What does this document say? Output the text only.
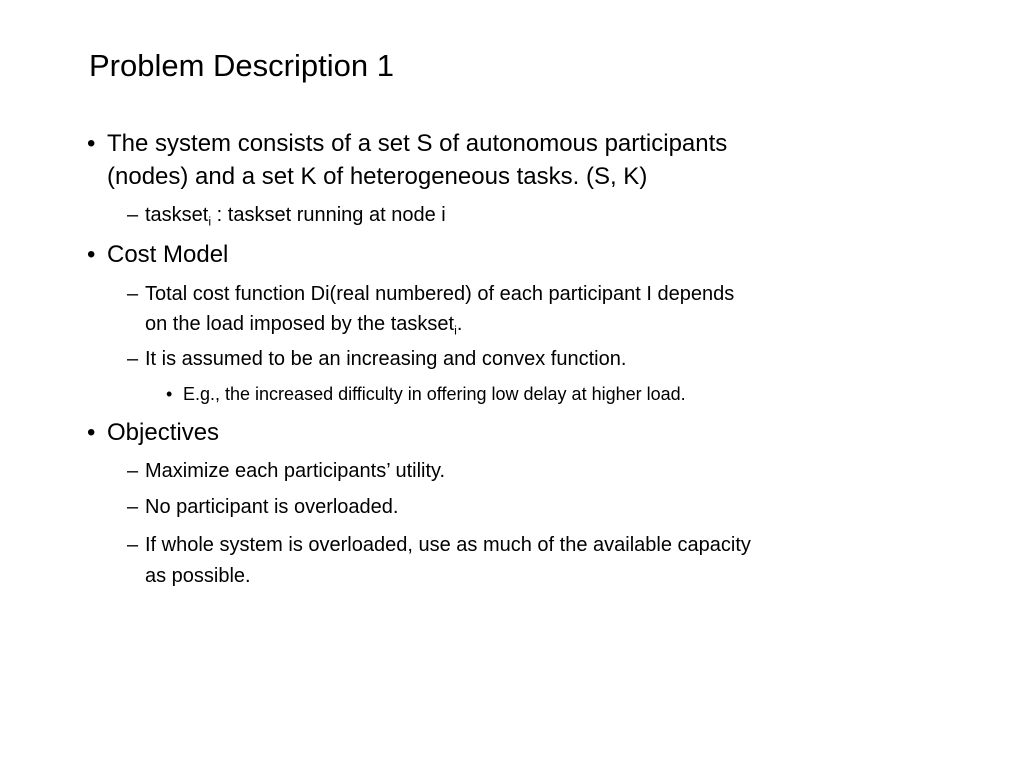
Problem Description 1
• The system consists of a set S of autonomous participants
(nodes) and a set K of heterogeneous tasks. (S, K)
– taskset$_i$ : taskset running at node i
• Cost Model
– Total cost function Di(real numbered) of each participant I depends
on the load imposed by the taskset$_i$.
– It is assumed to be an increasing and convex function.
• E.g., the increased difficulty in offering low delay at higher load.
• Objectives
– Maximize each participants’ utility.
– No participant is overloaded.
– If whole system is overloaded, use as much of the available capacity
as possible.
